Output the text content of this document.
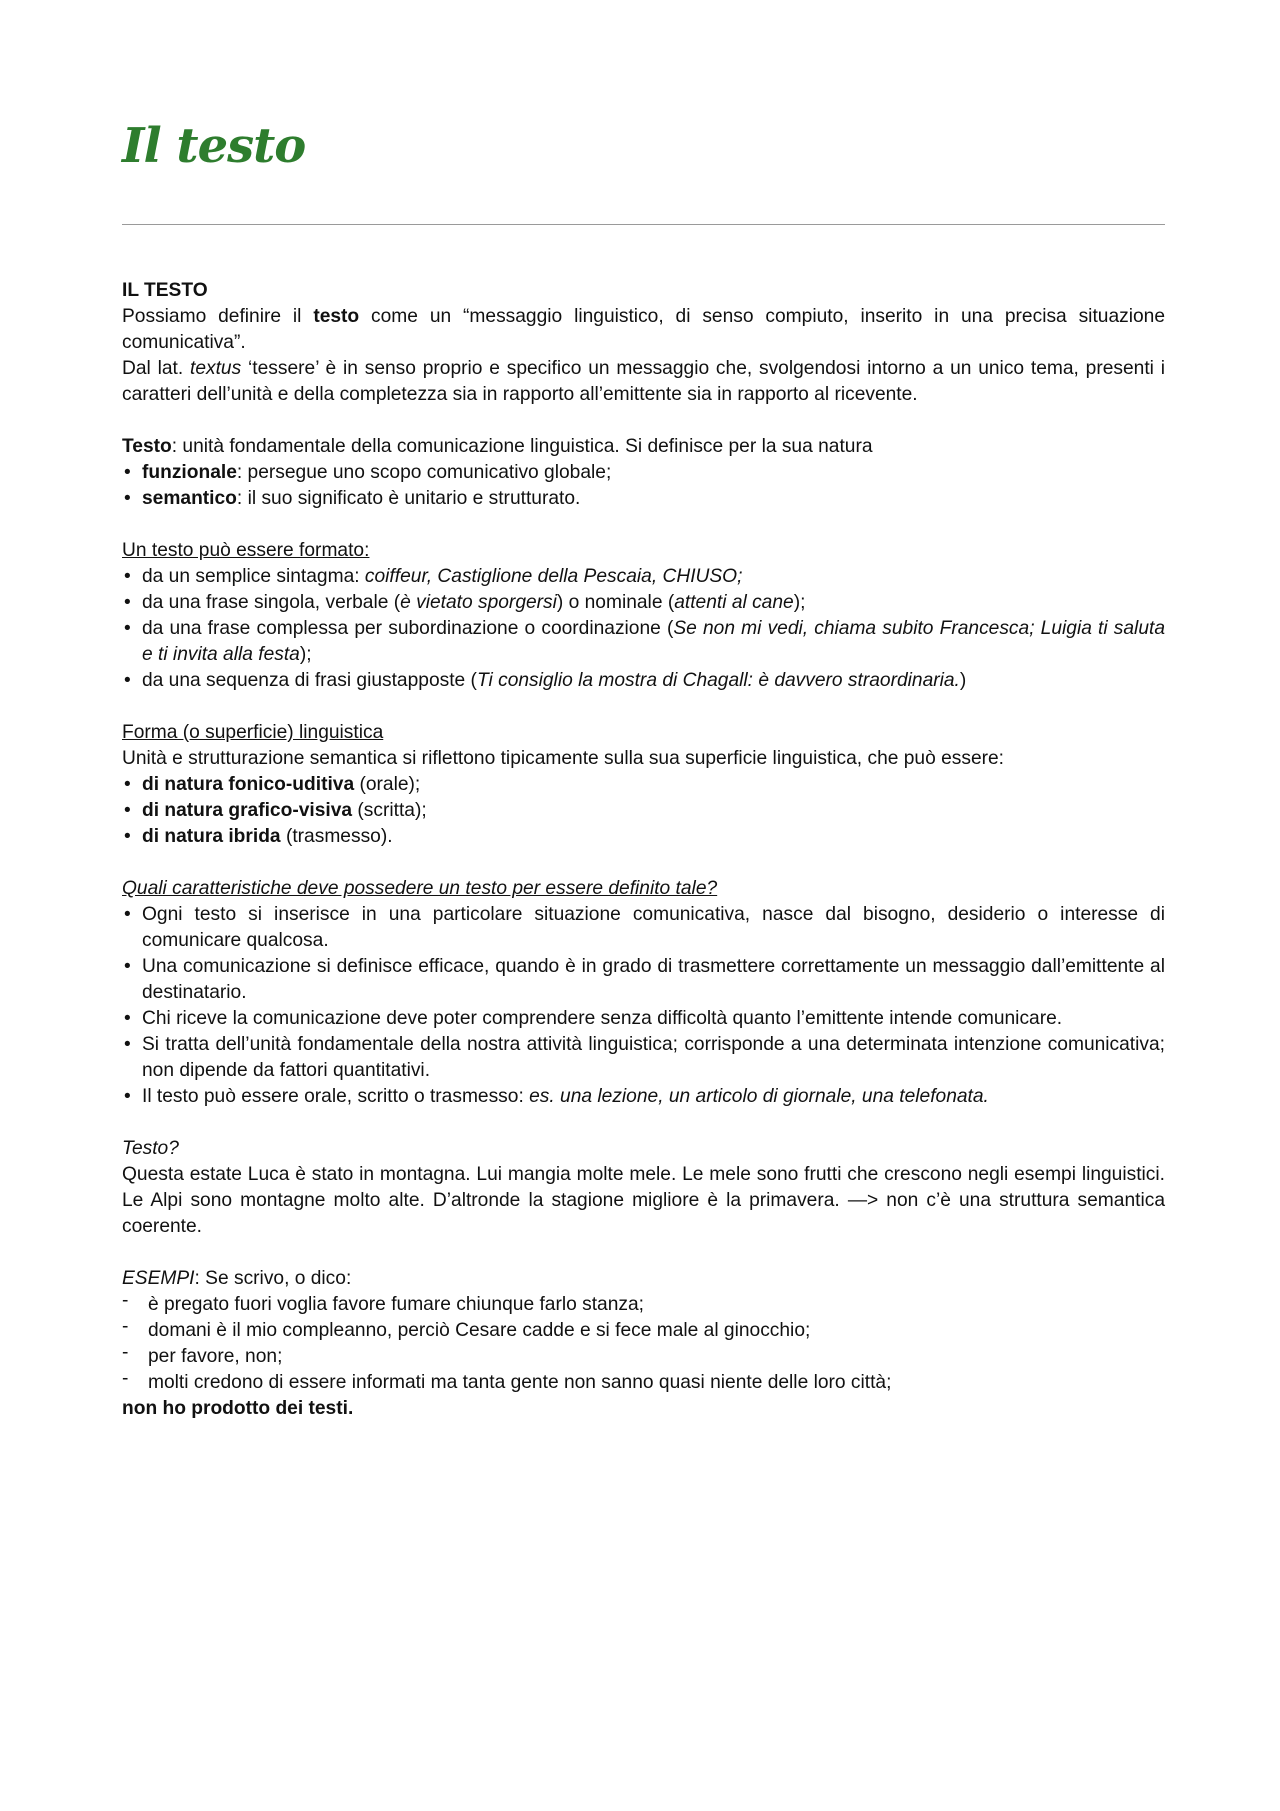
Il testo

IL TESTO

Possiamo definire il testo come un “messaggio linguistico, di senso compiuto, inserito in una precisa situazione comunicativa”.

Dal lat. textus ‘tessere’ è in senso proprio e specifico un messaggio che, svolgendosi intorno a un unico tema, presenti i caratteri dell’unità e della completezza sia in rapporto all’emittente sia in rapporto al ricevente.

Testo: unità fondamentale della comunicazione linguistica. Si definisce per la sua natura

• funzionale: persegue uno scopo comunicativo globale;
• semantico: il suo significato è unitario e strutturato.

Un testo può essere formato:

• da un semplice sintagma: coiffeur, Castiglione della Pescaia, CHIUSO;
• da una frase singola, verbale (è vietato sporgersi) o nominale (attenti al cane);
• da una frase complessa per subordinazione o coordinazione (Se non mi vedi, chiama subito Francesca; Luigia ti saluta e ti invita alla festa);
• da una sequenza di frasi giustapposte (Ti consiglio la mostra di Chagall: è davvero straordinaria.)

Forma (o superficie) linguistica

Unità e strutturazione semantica si riflettono tipicamente sulla sua superficie linguistica, che può essere:

• di natura fonico-uditiva (orale);
• di natura grafico-visiva (scritta);
• di natura ibrida (trasmesso).

Quali caratteristiche deve possedere un testo per essere definito tale?

• Ogni testo si inserisce in una particolare situazione comunicativa, nasce dal bisogno, desiderio o interesse di comunicare qualcosa.
• Una comunicazione si definisce efficace, quando è in grado di trasmettere correttamente un messaggio dall’emittente al destinatario.
• Chi riceve la comunicazione deve poter comprendere senza difficoltà quanto l’emittente intende comunicare.
• Si tratta dell’unità fondamentale della nostra attività linguistica; corrisponde a una determinata intenzione comunicativa; non dipende da fattori quantitativi.
• Il testo può essere orale, scritto o trasmesso: es. una lezione, un articolo di giornale, una telefonata.

Testo?

Questa estate Luca è stato in montagna. Lui mangia molte mele. Le mele sono frutti che crescono negli esempi linguistici. Le Alpi sono montagne molto alte. D’altronde la stagione migliore è la primavera. —> non c’è una struttura semantica coerente.

ESEMPI: Se scrivo, o dico:

- è pregato fuori voglia favore fumare chiunque farlo stanza;
- domani è il mio compleanno, perciò Cesare cadde e si fece male al ginocchio;
- per favore, non;
- molti credono di essere informati ma tanta gente non sanno quasi niente delle loro città;

non ho prodotto dei testi.
